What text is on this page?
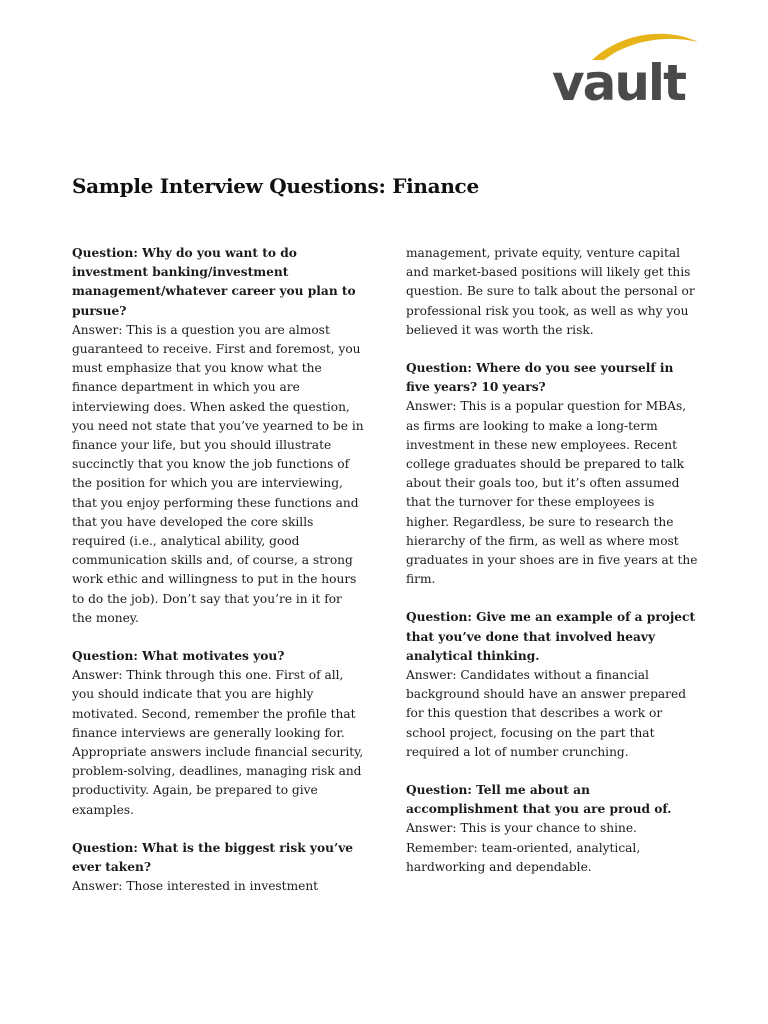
vault
Sample Interview Questions: Finance

Question: Why do you want to do investment banking/investment management/whatever career you plan to pursue?

Answer: This is a question you are almost guaranteed to receive. First and foremost, you must emphasize that you know what the finance department in which you are interviewing does. When asked the question, you need not state that you’ve yearned to be in finance your life, but you should illustrate succinctly that you know the job functions of the position for which you are interviewing, that you enjoy performing these functions and that you have developed the core skills required (i.e., analytical ability, good communication skills and, of course, a strong work ethic and willingness to put in the hours to do the job). Don’t say that you’re in it for the money.

Question: What motivates you?

Answer: Think through this one. First of all, you should indicate that you are highly motivated. Second, remember the profile that finance interviews are generally looking for. Appropriate answers include financial security, problem-solving, deadlines, managing risk and productivity. Again, be prepared to give examples.

Question: What is the biggest risk you’ve ever taken?

Answer: Those interested in investment

management, private equity, venture capital and market-based positions will likely get this question. Be sure to talk about the personal or professional risk you took, as well as why you believed it was worth the risk.

Question: Where do you see yourself in five years? 10 years?

Answer: This is a popular question for MBAs, as firms are looking to make a long-term investment in these new employees. Recent college graduates should be prepared to talk about their goals too, but it’s often assumed that the turnover for these employees is higher. Regardless, be sure to research the hierarchy of the firm, as well as where most graduates in your shoes are in five years at the firm.

Question: Give me an example of a project that you’ve done that involved heavy analytical thinking.

Answer: Candidates without a financial background should have an answer prepared for this question that describes a work or school project, focusing on the part that required a lot of number crunching.

Question: Tell me about an accomplishment that you are proud of.

Answer: This is your chance to shine. Remember: team-oriented, analytical, hardworking and dependable.
